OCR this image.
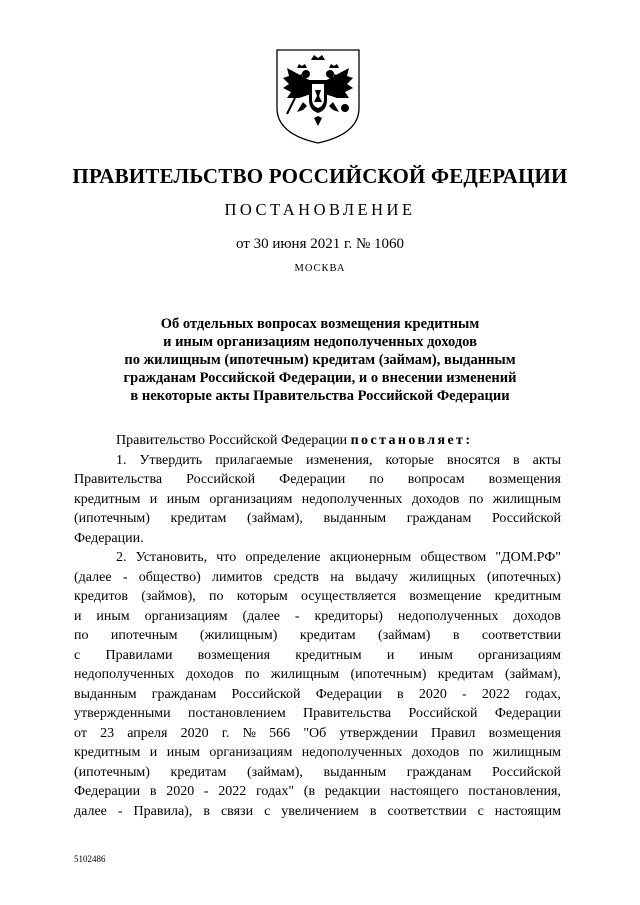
ПРАВИТЕЛЬСТВО РОССИЙСКОЙ ФЕДЕРАЦИИ
ПОСТАНОВЛЕНИЕ
от 30 июня 2021 г. № 1060
МОСКВА
Об отдельных вопросах возмещения кредитным
и иным организациям недополученных доходов
по жилищным (ипотечным) кредитам (займам), выданным
гражданам Российской Федерации, и о внесении изменений
в некоторые акты Правительства Российской Федерации
Правительство Российской Федерации постановляет:
1. Утвердить прилагаемые изменения, которые вносятся в акты
Правительства Российской Федерации по вопросам возмещения
кредитным и иным организациям недополученных доходов по жилищным
(ипотечным) кредитам (займам), выданным гражданам Российской
Федерации.
2. Установить, что определение акционерным обществом "ДОМ.РФ"
(далее - общество) лимитов средств на выдачу жилищных (ипотечных)
кредитов (займов), по которым осуществляется возмещение кредитным
и иным организациям (далее - кредиторы) недополученных доходов
по ипотечным (жилищным) кредитам (займам) в соответствии
с Правилами возмещения кредитным и иным организациям
недополученных доходов по жилищным (ипотечным) кредитам (займам),
выданным гражданам Российской Федерации в 2020 - 2022 годах,
утвержденными постановлением Правительства Российской Федерации
от 23 апреля 2020 г. № 566 "Об утверждении Правил возмещения
кредитным и иным организациям недополученных доходов по жилищным
(ипотечным) кредитам (займам), выданным гражданам Российской
Федерации в 2020 - 2022 годах" (в редакции настоящего постановления,
далее - Правила), в связи с увеличением в соответствии с настоящим
5102486
